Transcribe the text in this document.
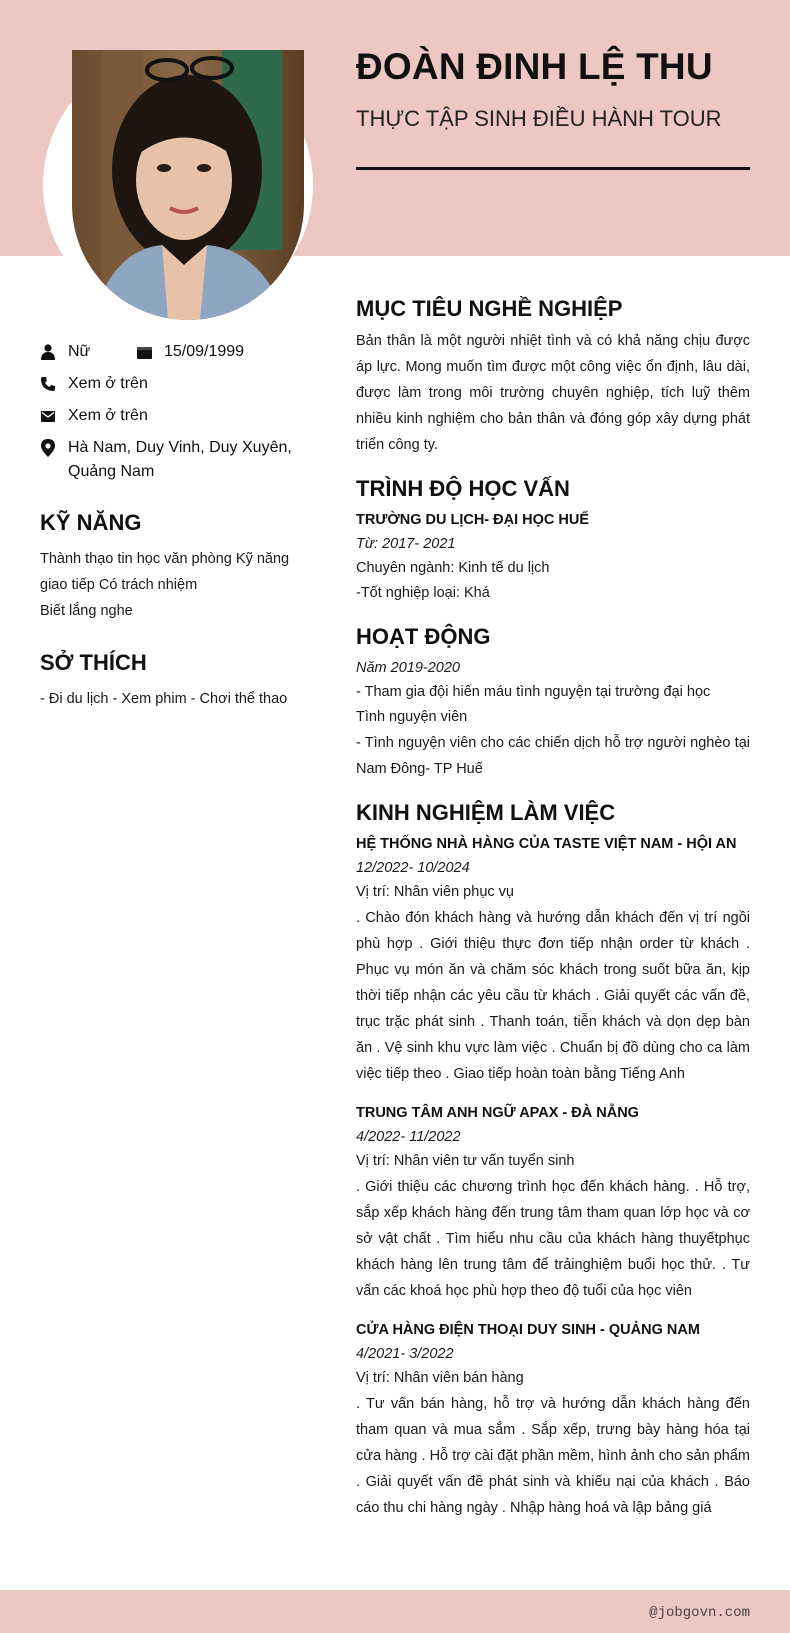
ĐOÀN ĐINH LỆ THU
THỰC TẬP SINH ĐIỀU HÀNH TOUR
Nữ	15/09/1999
Xem ở trên
Xem ở trên
Hà Nam, Duy Vinh, Duy Xuyên, Quảng Nam
KỸ NĂNG

Thành thạo tin học văn phòng Kỹ năng

giao tiếp Có trách nhiệm

Biết lắng nghe

SỞ THÍCH

- Đi du lịch - Xem phim - Chơi thể thao

MỤC TIÊU NGHỀ NGHIỆP

Bản thân là một người nhiệt tình và có khả năng chịu được áp lực. Mong muốn tìm được một công việc ổn định, lâu dài, được làm trong môi trường chuyên nghiệp, tích luỹ thêm nhiều kinh nghiệm cho bản thân và đóng góp xây dựng phát triển công ty.

TRÌNH ĐỘ HỌC VẤN

TRƯỜNG DU LỊCH- ĐẠI HỌC HUẾ

Từ: 2017- 2021

Chuyên ngành: Kinh tế du lịch

-Tốt nghiệp loại: Khá

HOẠT ĐỘNG

Năm 2019-2020

- Tham gia đội hiến máu tình nguyện tại trường đại học

Tình nguyện viên

- Tình nguyện viên cho các chiến dịch hỗ trợ người nghèo tại Nam Đông- TP Huế

KINH NGHIỆM LÀM VIỆC

HỆ THỐNG NHÀ HÀNG CỦA TASTE VIỆT NAM - HỘI AN

12/2022- 10/2024

Vị trí: Nhân viên phục vụ

. Chào đón khách hàng và hướng dẫn khách đến vị trí ngồi phù hợp . Giới thiệu thực đơn tiếp nhận order từ khách . Phục vụ món ăn và chăm sóc khách trong suốt bữa ăn, kịp thời tiếp nhận các yêu cầu từ khách . Giải quyết các vấn đề, trục trặc phát sinh . Thanh toán, tiễn khách và dọn dẹp bàn ăn . Vệ sinh khu vực làm việc . Chuẩn bị đồ dùng cho ca làm việc tiếp theo . Giao tiếp hoàn toàn bằng Tiếng Anh

TRUNG TÂM ANH NGỮ APAX - ĐÀ NẴNG

4/2022- 11/2022

Vị trí: Nhân viên tư vấn tuyển sinh

. Giới thiệu các chương trình học đến khách hàng. . Hỗ trợ, sắp xếp khách hàng đến trung tâm tham quan lớp học và cơ sở vật chất . Tìm hiểu nhu cầu của khách hàng thuyếtphục khách hàng lên trung tâm để trảinghiệm buổi học thử. . Tư vấn các khoá học phù hợp theo độ tuổi của học viên

CỬA HÀNG ĐIỆN THOẠI DUY SINH - QUẢNG NAM

4/2021- 3/2022

Vị trí: Nhân viên bán hàng

. Tư vấn bán hàng, hỗ trợ và hướng dẫn khách hàng đến tham quan và mua sắm . Sắp xếp, trưng bày hàng hóa tại cửa hàng . Hỗ trợ cài đặt phần mềm, hình ảnh cho sản phẩm . Giải quyết vấn đề phát sinh và khiếu nại của khách . Báo cáo thu chi hàng ngày . Nhập hàng hoá và lập bảng giá

@jobgovn.com
